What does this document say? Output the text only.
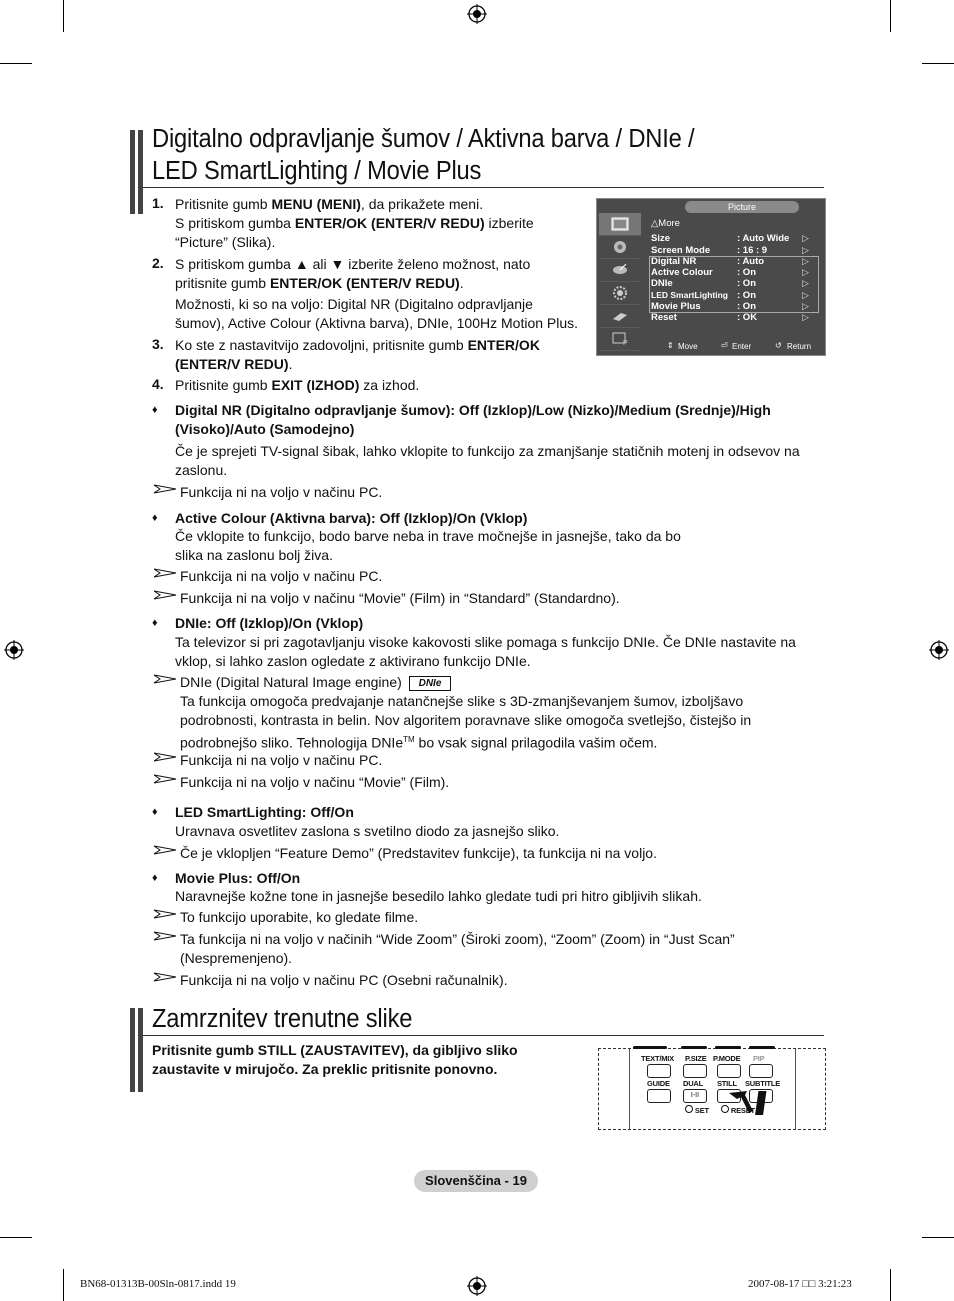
Digitalno odpravljanje šumov / Aktivna barva / DNIe /
LED SmartLighting / Movie Plus
1. Pritisnite gumb MENU (MENI), da prikažete meni.
S pritiskom gumba ENTER/OK (ENTER/V REDU) izberite
“Picture” (Slika).
2. S pritiskom gumba ▲ ali ▼ izberite želeno možnost, nato
pritisnite gumb ENTER/OK (ENTER/V REDU).
Možnosti, ki so na voljo: Digital NR (Digitalno odpravljanje
šumov), Active Colour (Aktivna barva), DNIe, 100Hz Motion Plus.
3. Ko ste z nastavitvijo zadovoljni, pritisnite gumb ENTER/OK
(ENTER/V REDU).
4. Pritisnite gumb EXIT (IZHOD) za izhod.
Picture
P
△More
Size	: Auto Wide ▷
Screen Mode	: 16 : 9	▷
Digital NR	: Auto	▷
Active Colour	: On	▷
DNIe	: On	▷
LED SmartLighting : On	▷
Movie Plus	: On	▷
Reset	: OK	▷
⇕ Move	⏎ Enter	↺ Return
♦ Digital NR (Digitalno odpravljanje šumov): Off (Izklop)/Low (Nizko)/Medium (Srednje)/High
(Visoko)/Auto (Samodejno)
Če je sprejeti TV-signal šibak, lahko vklopite to funkcijo za zmanjšanje statičnih motenj in odsevov na
zaslonu.
Funkcija ni na voljo v načinu PC.
♦ Active Colour (Aktivna barva): Off (Izklop)/On (Vklop)
Če vklopite to funkcijo, bodo barve neba in trave močnejše in jasnejše, tako da bo
slika na zaslonu bolj živa.
Funkcija ni na voljo v načinu PC.
Funkcija ni na voljo v načinu “Movie” (Film) in “Standard” (Standardno).
♦ DNIe: Off (Izklop)/On (Vklop)
Ta televizor si pri zagotavljanju visoke kakovosti slike pomaga s funkcijo DNIe. Če DNIe nastavite na
vklop, si lahko zaslon ogledate z aktivirano funkcijo DNIe.
DNIe (Digital Natural Image engine)	DNIe
Ta funkcija omogoča predvajanje natančnejše slike s 3D-zmanjševanjem šumov, izboljšavo
podrobnosti, kontrasta in belin. Nov algoritem poravnave slike omogoča svetlejšo, čistejšo in
podrobnejšo sliko. Tehnologija DNIe™ bo vsak signal prilagodila vašim očem.
Funkcija ni na voljo v načinu PC.
Funkcija ni na voljo v načinu “Movie” (Film).
♦ LED SmartLighting: Off/On
Uravnava osvetlitev zaslona s svetilno diodo za jasnejšo sliko.
Če je vklopljen “Feature Demo” (Predstavitev funkcije), ta funkcija ni na voljo.
♦ Movie Plus: Off/On
Naravnejše kožne tone in jasnejše besedilo lahko gledate tudi pri hitro gibljivih slikah.
To funkcijo uporabite, ko gledate filme.
Ta funkcija ni na voljo v načinih “Wide Zoom” (Široki zoom), “Zoom” (Zoom) in “Just Scan”
(Nespremenjeno).
Funkcija ni na voljo v načinu PC (Osebni računalnik).
Zamrznitev trenutne slike
Pritisnite gumb STILL (ZAUSTAVITEV), da gibljivo sliko
zaustavite v mirujočo. Za preklic pritisnite ponovno.
TEXT/MIX P.SIZE P.MODE PIP
GUIDE DUAL STILL SUBTITLE
I-II
SET	RESET
Slovenščina - 19
BN68-01313B-00Sln-0817.indd 19	2007-08-17 □□ 3:21:23
